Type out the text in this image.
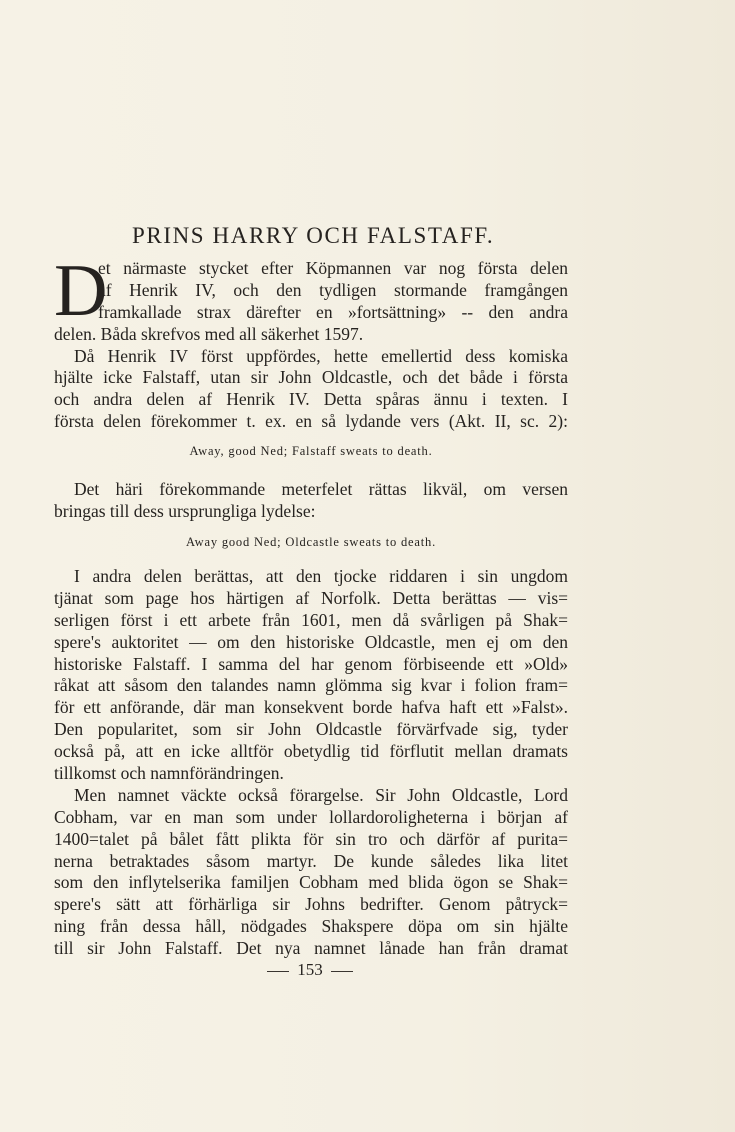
PRINS HARRY OCH FALSTAFF.
D
et närmaste stycket efter Köpmannen var nog första delen
af Henrik IV, och den tydligen stormande framgången
framkallade strax därefter en »fortsättning» -- den andra
delen. Båda skrefvos med all säkerhet 1597.
Då Henrik IV först uppfördes, hette emellertid dess komiska
hjälte icke Falstaff, utan sir John Oldcastle, och det både i första
och andra delen af Henrik IV. Detta spåras ännu i texten. I
första delen förekommer t. ex. en så lydande vers (Akt. II, sc. 2):
Away, good Ned; Falstaff sweats to death.
Det häri förekommande meterfelet rättas likväl, om versen
bringas till dess ursprungliga lydelse:
Away good Ned; Oldcastle sweats to death.
I andra delen berättas, att den tjocke riddaren i sin ungdom
tjänat som page hos härtigen af Norfolk. Detta berättas — vis=
serligen först i ett arbete från 1601, men då svårligen på Shak=
spere's auktoritet — om den historiske Oldcastle, men ej om den
historiske Falstaff. I samma del har genom förbiseende ett »Old»
råkat att såsom den talandes namn glömma sig kvar i folion fram=
för ett anförande, där man konsekvent borde hafva haft ett »Falst».
Den popularitet, som sir John Oldcastle förvärfvade sig, tyder
också på, att en icke alltför obetydlig tid förflutit mellan dramats
tillkomst och namnförändringen.
Men namnet väckte också förargelse. Sir John Oldcastle, Lord
Cobham, var en man som under lollardoroligheterna i början af
1400=talet på bålet fått plikta för sin tro och därför af purita=
nerna betraktades såsom martyr. De kunde således lika litet
som den inflytelserika familjen Cobham med blida ögon se Shak=
spere's sätt att förhärliga sir Johns bedrifter. Genom påtryck=
ning från dessa håll, nödgades Shakspere döpa om sin hjälte
till sir John Falstaff. Det nya namnet lånade han från dramat
153
